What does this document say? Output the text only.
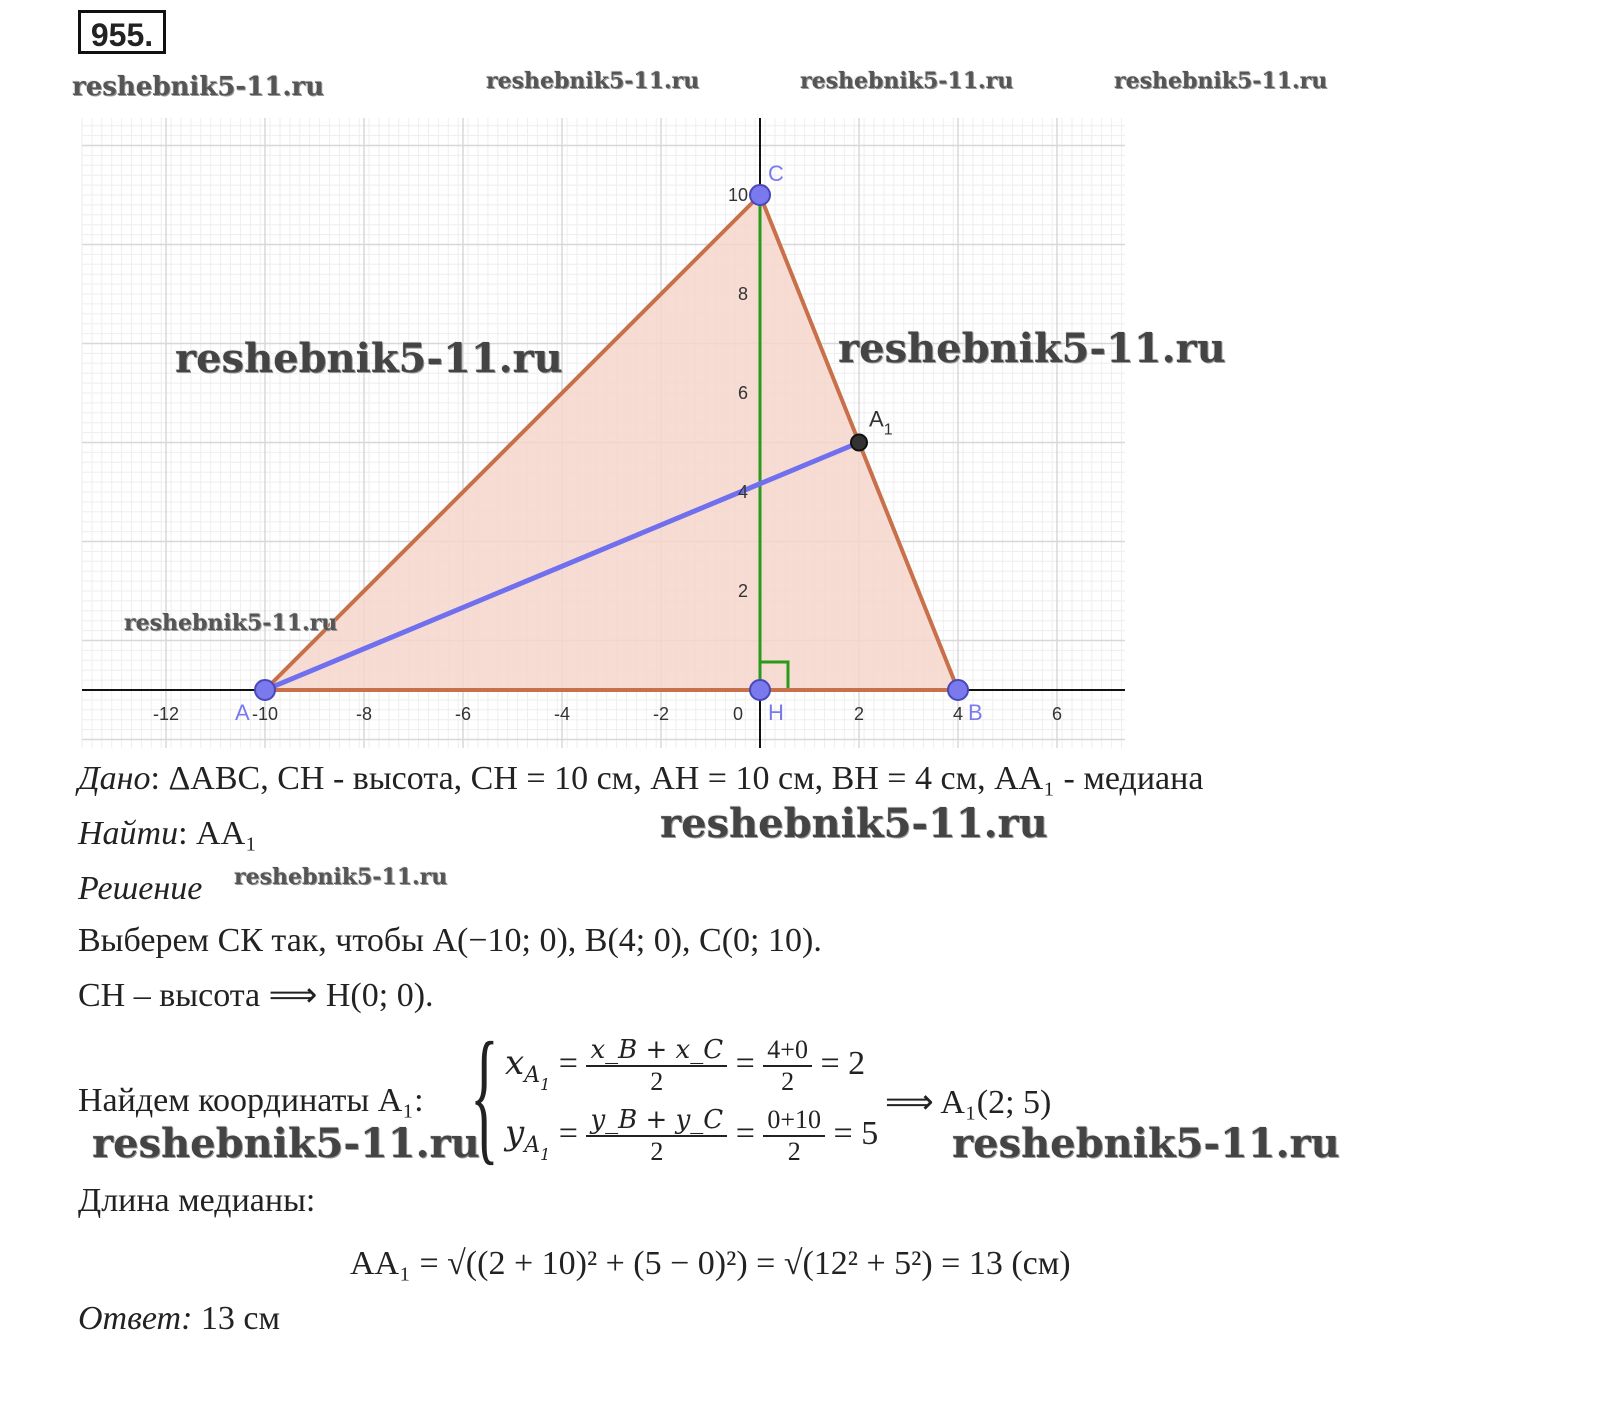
955.
reshebnik5-11.ru	reshebnik5-11.ru	reshebnik5-11.ru	reshebnik5-11.ru
-12	-10	-8	-6	-4	-2	0	2	4	6
2
4
6
8
10
A	B
C
H
$A_1$
reshebnik5-11.ru	reshebnik5-11.ru
reshebnik5-11.ru
Дано: ΔABC, CH - высота, CH = 10 см, AH = 10 см, BH = 4 см, AA₁ - медиана
Найти: AA₁	reshebnik5-11.ru
Решение reshebnik5-11.ru
Выберем СК так, чтобы A(−10; 0), B(4; 0), C(0; 10).
CH – высота ⟹ H(0; 0).
Найдем координаты A₁: { $x_{A_1} = \frac{x\_B + x\_C}{2} = \frac{4+0}{2} = 2$
$y_{A_1} = \frac{y\_B + y\_C}{2} = \frac{0+10}{2} = 5$
⟹ A₁(2; 5)
reshebnik5-11.ru	reshebnik5-11.ru
Длина медианы:
AA₁ = √((2 + 10)² + (5 − 0)²) = √(12² + 5²) = 13 (см)
Ответ: 13 см
